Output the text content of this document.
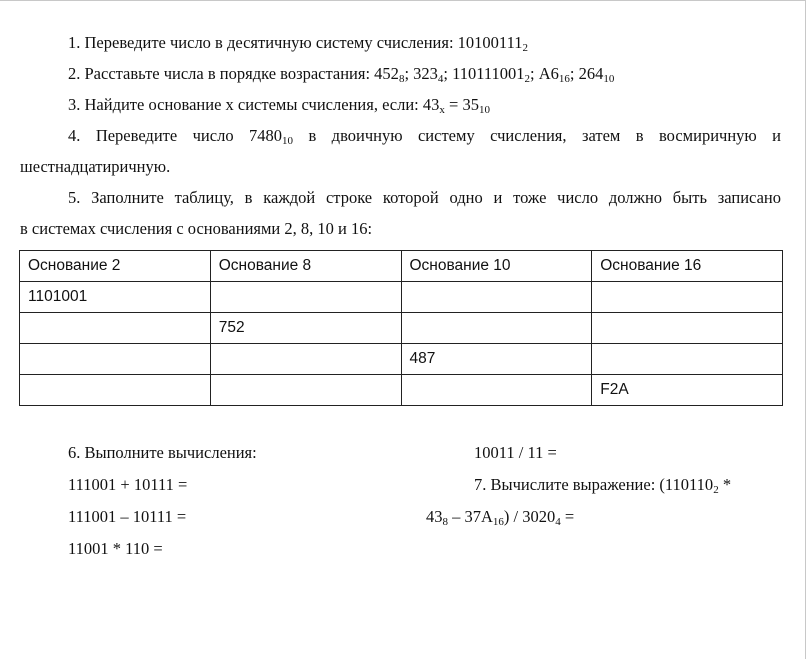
1. Переведите число в десятичную систему счисления: $10100111_2$
2. Расставьте числа в порядке возрастания: $452_8$; $323_4$; $110111001_2$; $А6_{16}$; $264_{10}$
3. Найдите основание x системы счисления, если: $43_x = 35_{10}$
4. Переведите число $7480_{10}$ в двоичную систему счисления, затем в восмиричную и
шестнадцатиричную.
5. Заполните таблицу, в каждой строке которой одно и тоже число должно быть записано
в системах счисления с основаниями 2, 8, 10 и 16:
Основание 2	Основание 8	Основание 10	Основание 16
1101001			
	752		
		487	
			F2A
6. Выполните вычисления:
111001 + 10111 =
111001 – 10111 =
11001 * 110 =
10011 / 11 =
7. Вычислите выражение: ($110110_2$ *
$43_8 - 37A_{16}) / 3020_4$ =
